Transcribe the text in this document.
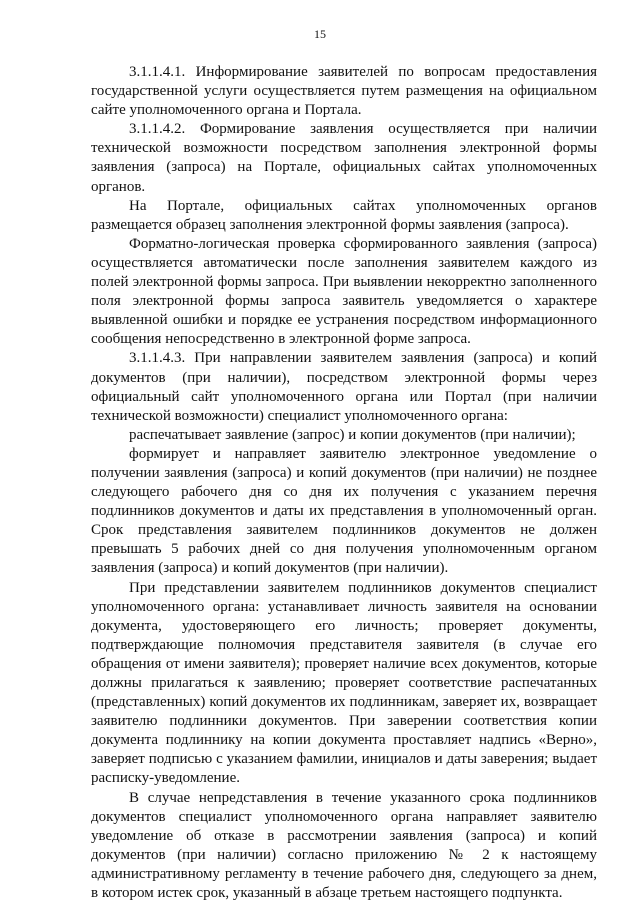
15

3.1.1.4.1. Информирование заявителей по вопросам предоставления государственной услуги осуществляется путем размещения на официальном сайте уполномоченного органа и Портала.

3.1.1.4.2. Формирование заявления осуществляется при наличии технической возможности посредством заполнения электронной формы заявления (запроса) на Портале, официальных сайтах уполномоченных органов.

На Портале, официальных сайтах уполномоченных органов размещается образец заполнения электронной формы заявления (запроса).

Форматно-логическая проверка сформированного заявления (запроса) осуществляется автоматически после заполнения заявителем каждого из полей электронной формы запроса. При выявлении некорректно заполненного поля электронной формы запроса заявитель уведомляется о характере выявленной ошибки и порядке ее устранения посредством информационного сообщения непосредственно в электронной форме запроса.

3.1.1.4.3. При направлении заявителем заявления (запроса) и копий документов (при наличии), посредством электронной формы через официальный сайт уполномоченного органа или Портал (при наличии технической возможности) специалист уполномоченного органа:

распечатывает заявление (запрос) и копии документов (при наличии);

формирует и направляет заявителю электронное уведомление о получении заявления (запроса) и копий документов (при наличии) не позднее следующего рабочего дня со дня их получения с указанием перечня подлинников документов и даты их представления в уполномоченный орган. Срок представления заявителем подлинников документов не должен превышать 5 рабочих дней со дня получения уполномоченным органом заявления (запроса) и копий документов (при наличии).

При представлении заявителем подлинников документов специалист уполномоченного органа: устанавливает личность заявителя на основании документа, удостоверяющего его личность; проверяет документы, подтверждающие полномочия представителя заявителя (в случае его обращения от имени заявителя); проверяет наличие всех документов, которые должны прилагаться к заявлению; проверяет соответствие распечатанных (представленных) копий документов их подлинникам, заверяет их, возвращает заявителю подлинники документов. При заверении соответствия копии документа подлиннику на копии документа проставляет надпись «Верно», заверяет подписью с указанием фамилии, инициалов и даты заверения; выдает расписку-уведомление.

В случае непредставления в течение указанного срока подлинников документов специалист уполномоченного органа направляет заявителю уведомление об отказе в рассмотрении заявления (запроса) и копий документов (при наличии) согласно приложению № 2 к настоящему административному регламенту в течение рабочего дня, следующего за днем, в котором истек срок, указанный в абзаце третьем настоящего подпункта.
